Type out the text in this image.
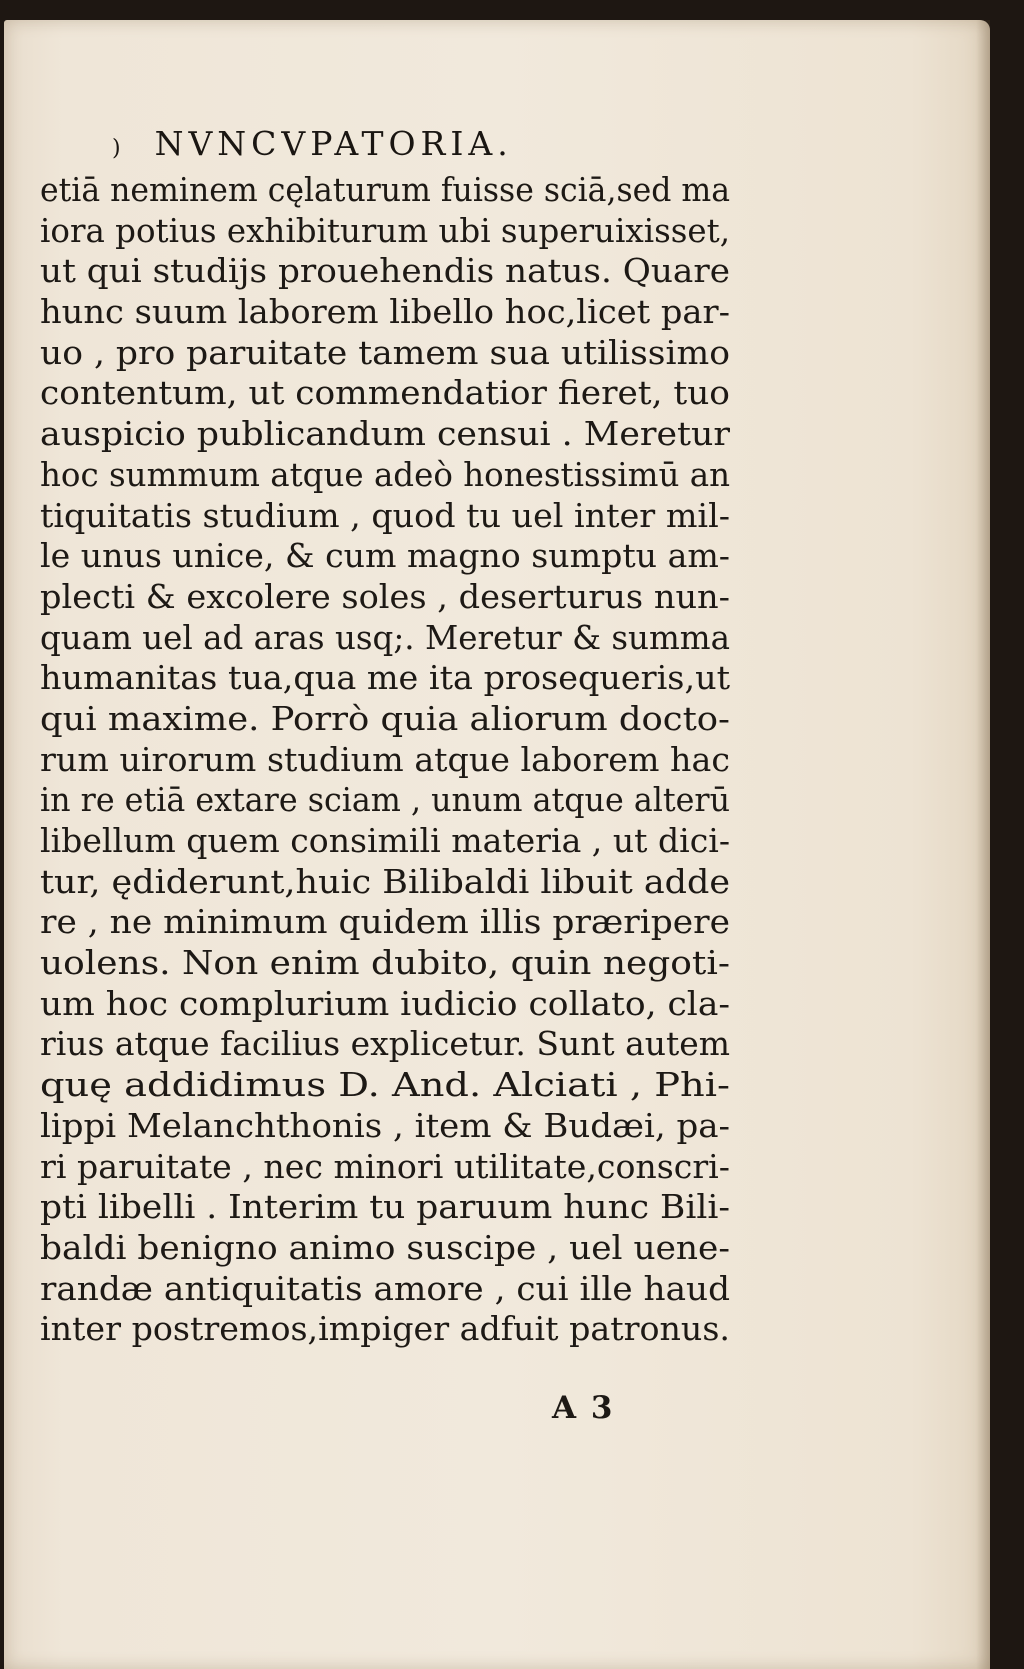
) NVNCVPATORIA.
etiā neminem cęlaturum fuisse sciā,sed ma
iora potius exhibiturum ubi superuixisset,
ut qui studijs prouehendis natus. Quare
hunc suum laborem libello hoc,licet par-
uo , pro paruitate tamem sua utilissimo
contentum, ut commendatior fieret, tuo
auspicio publicandum censui . Meretur
hoc summum atque adeò honestissimū an
tiquitatis studium , quod tu uel inter mil-
le unus unice, & cum magno sumptu am-
plecti & excolere soles , deserturus nun-
quam uel ad aras usq;. Meretur & summa
humanitas tua,qua me ita prosequeris,ut
qui maxime. Porrò quia aliorum docto-
rum uirorum studium atque laborem hac
in re etiā extare sciam , unum atque alterū
libellum quem consimili materia , ut dici-
tur, ędiderunt,huic Bilibaldi libuit adde
re , ne minimum quidem illis præripere
uolens. Non enim dubito, quin negoti-
um hoc complurium iudicio collato, cla-
rius atque facilius explicetur. Sunt autem
quę addidimus D. And. Alciati , Phi-
lippi Melanchthonis , item & Budæi, pa-
ri paruitate , nec minori utilitate,conscri-
pti libelli . Interim tu paruum hunc Bili-
baldi benigno animo suscipe , uel uene-
randæ antiquitatis amore , cui ille haud
inter postremos,impiger adfuit patronus.
A 3
